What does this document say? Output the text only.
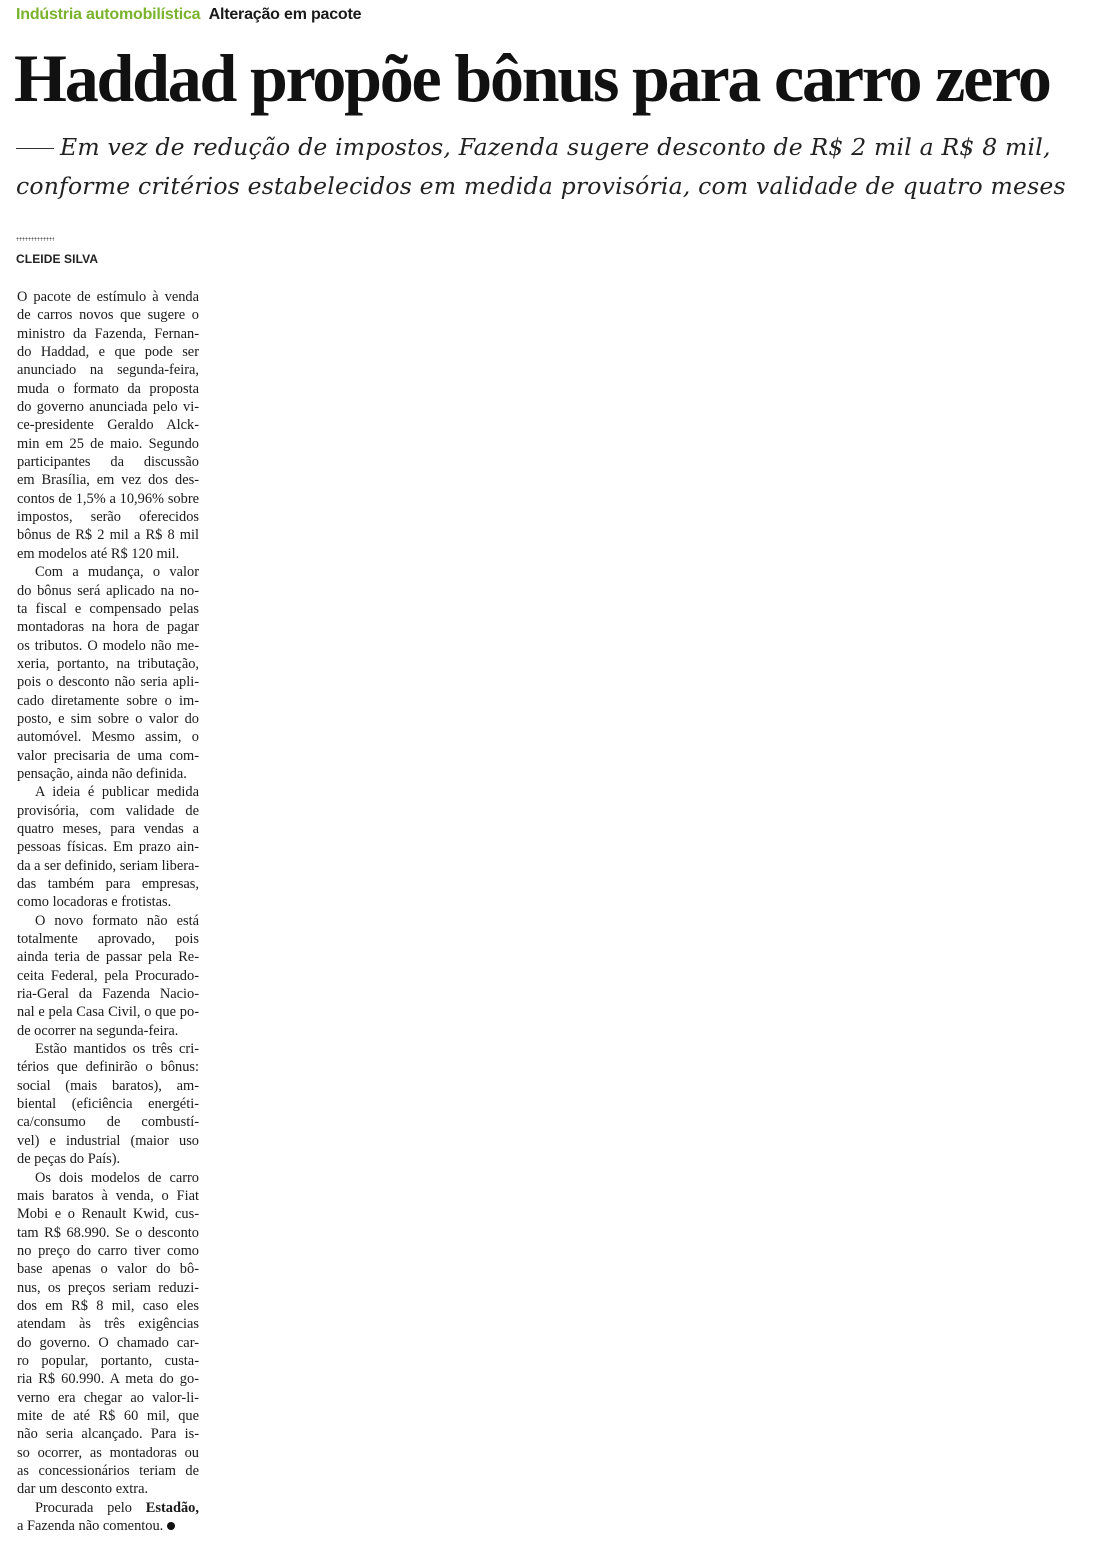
Indústria automobilística Alteração em pacote
Haddad propõe bônus para carro zero

Em vez de redução de impostos, Fazenda sugere desconto de R$ 2 mil a R$ 8 mil, conforme critérios estabelecidos em medida provisória, com validade de quatro meses

CLEIDE SILVA
O pacote de estímulo à venda
de carros novos que sugere o
ministro da Fazenda, Fernan-
do Haddad, e que pode ser
anunciado na segunda-feira,
muda o formato da proposta
do governo anunciada pelo vi-
ce-presidente Geraldo Alck-
min em 25 de maio. Segundo
participantes da discussão
em Brasília, em vez dos des-
contos de 1,5% a 10,96% sobre
impostos, serão oferecidos
bônus de R$ 2 mil a R$ 8 mil
em modelos até R$ 120 mil.
Com a mudança, o valor
do bônus será aplicado na no-
ta fiscal e compensado pelas
montadoras na hora de pagar
os tributos. O modelo não me-
xeria, portanto, na tributação,
pois o desconto não seria apli-
cado diretamente sobre o im-
posto, e sim sobre o valor do
automóvel. Mesmo assim, o
valor precisaria de uma com-
pensação, ainda não definida.
A ideia é publicar medida
provisória, com validade de
quatro meses, para vendas a
pessoas físicas. Em prazo ain-
da a ser definido, seriam libera-
das também para empresas,
como locadoras e frotistas.
O novo formato não está
totalmente aprovado, pois
ainda teria de passar pela Re-
ceita Federal, pela Procurado-
ria-Geral da Fazenda Nacio-
nal e pela Casa Civil, o que po-
de ocorrer na segunda-feira.
Estão mantidos os três cri-
térios que definirão o bônus:
social (mais baratos), am-
biental (eficiência energéti-
ca/consumo de combustí-
vel) e industrial (maior uso
de peças do País).
Os dois modelos de carro
mais baratos à venda, o Fiat
Mobi e o Renault Kwid, cus-
tam R$ 68.990. Se o desconto
no preço do carro tiver como
base apenas o valor do bô-
nus, os preços seriam reduzi-
dos em R$ 8 mil, caso eles
atendam às três exigências
do governo. O chamado car-
ro popular, portanto, custa-
ria R$ 60.990. A meta do go-
verno era chegar ao valor-li-
mite de até R$ 60 mil, que
não seria alcançado. Para is-
so ocorrer, as montadoras ou
as concessionários teriam de
dar um desconto extra.
Procurada pelo Estadão,
a Fazenda não comentou.
